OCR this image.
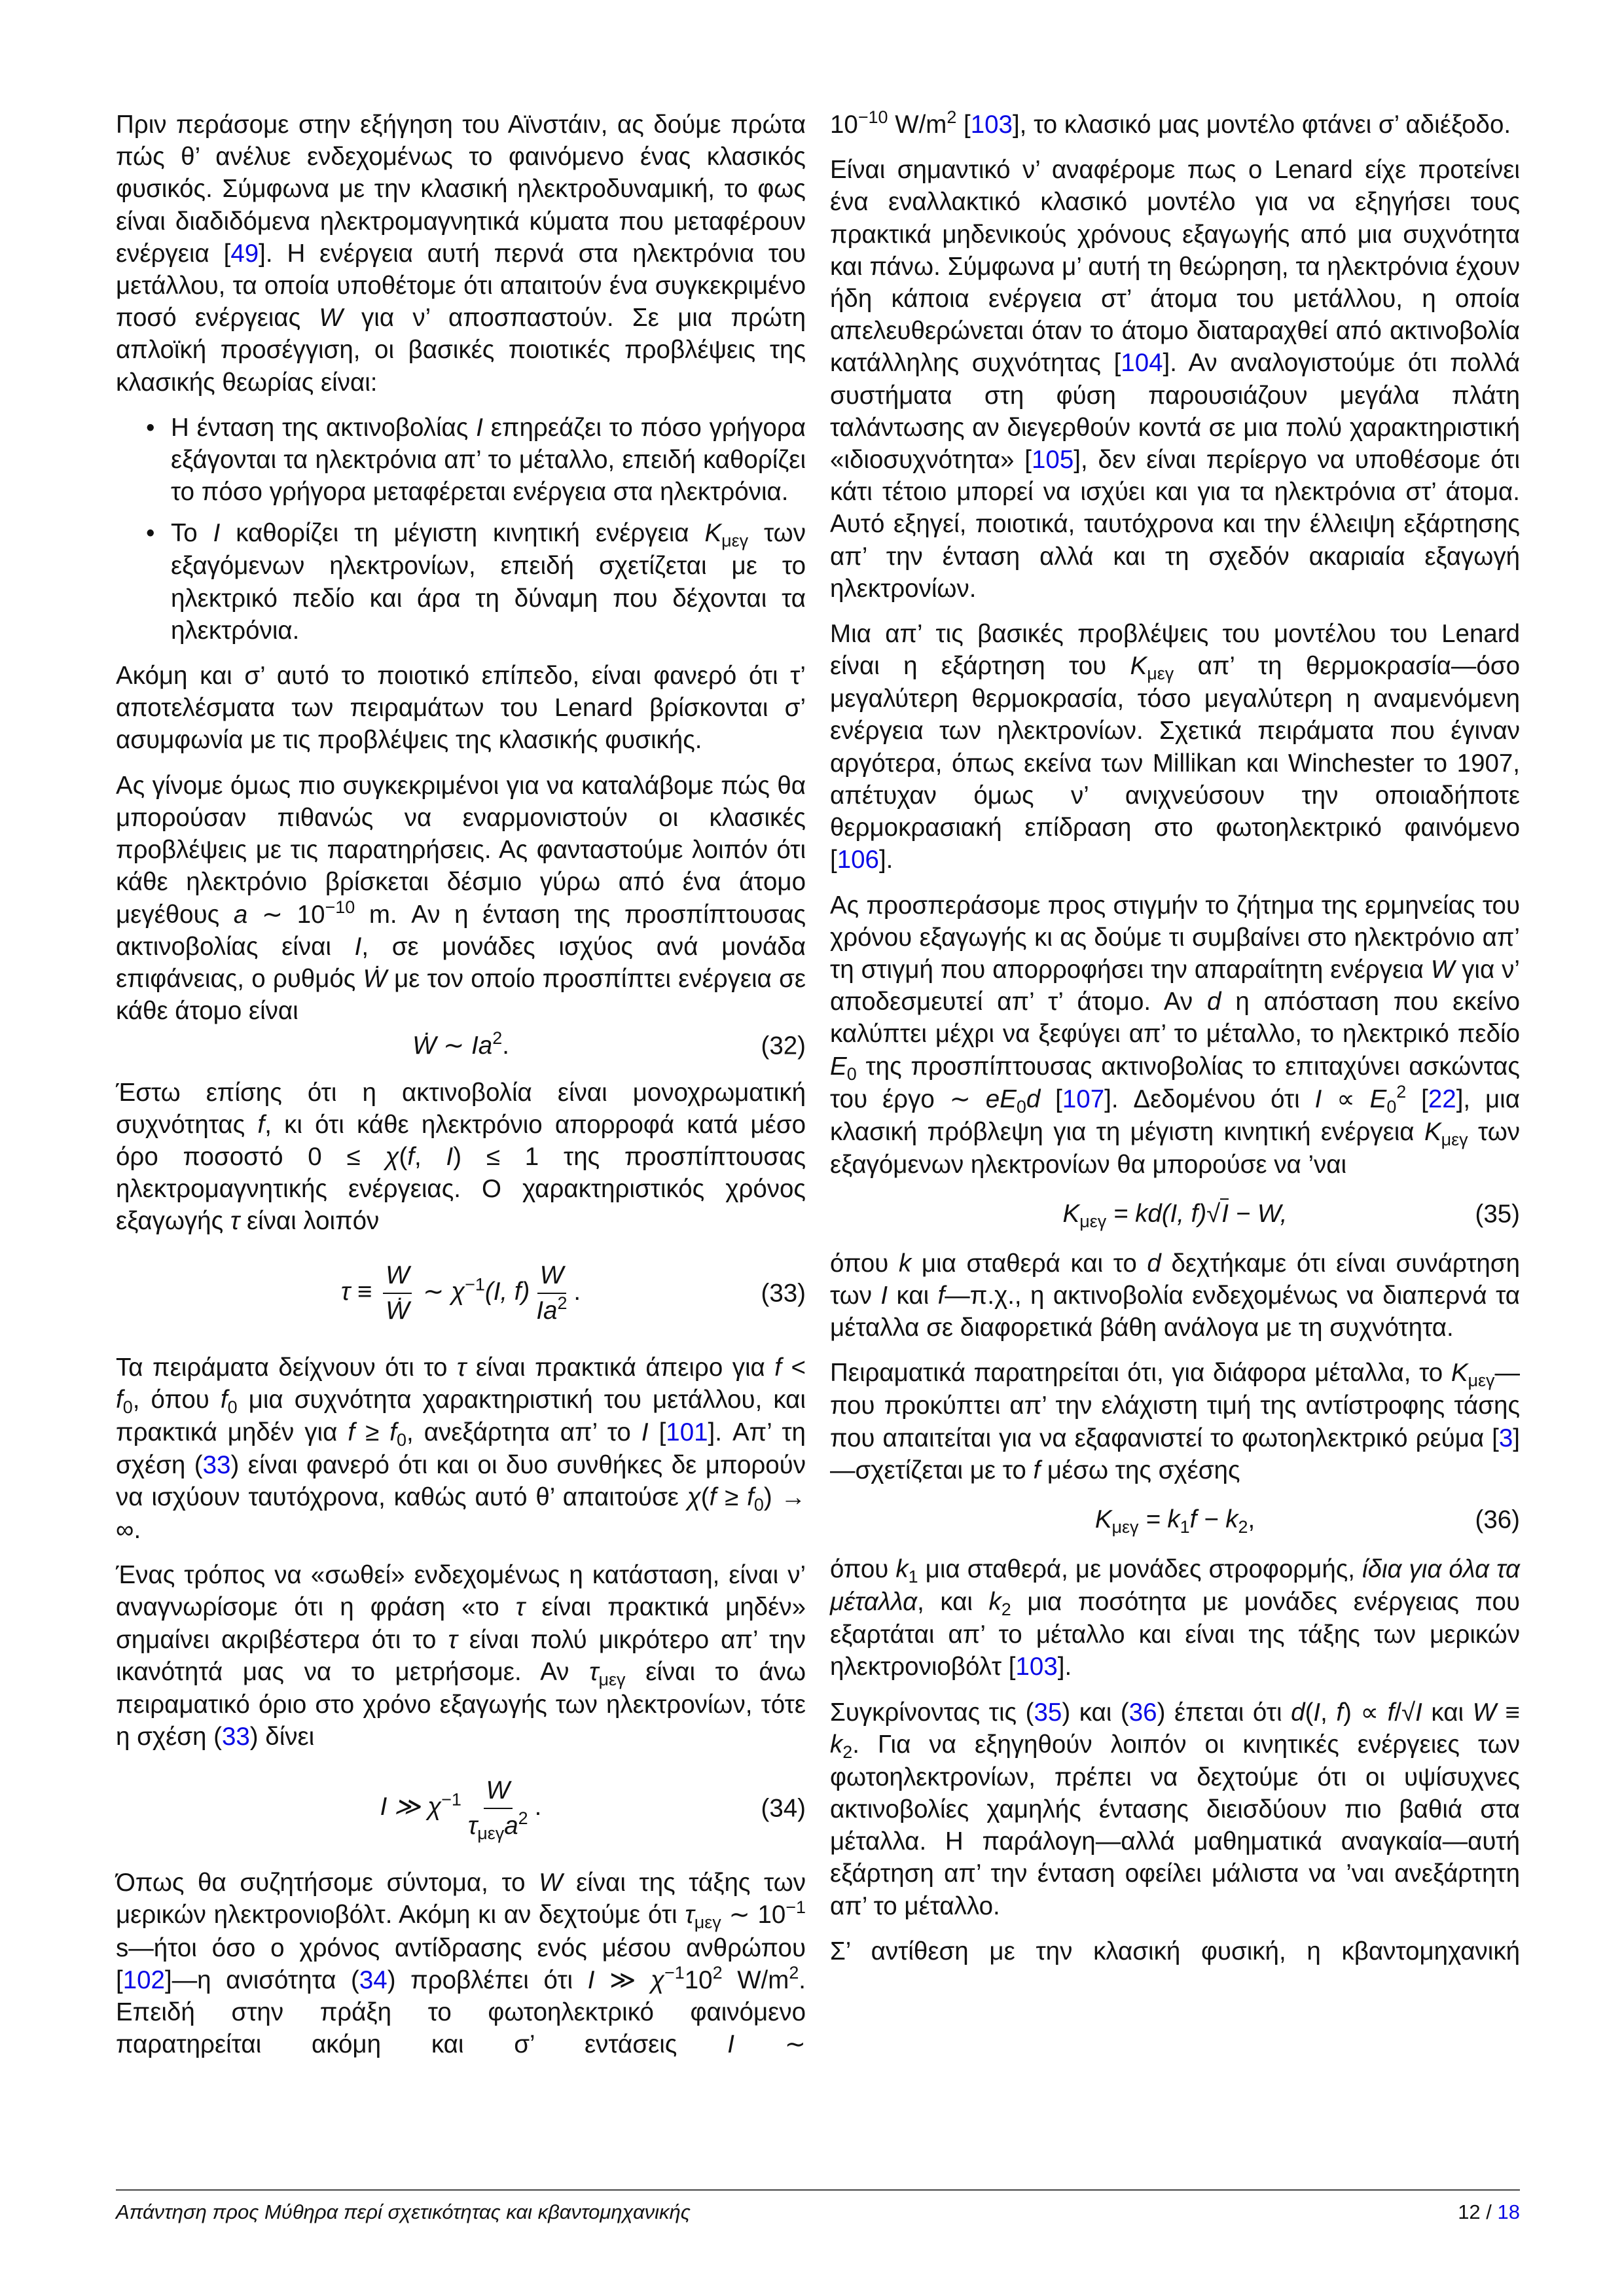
Πριν περάσομε στην εξήγηση του Αϊνστάιν, ας δούμε πρώτα πώς θ’ ανέλυε ενδεχομένως το φαινόμενο ένας κλασικός φυσικός. Σύμφωνα με την κλασική ηλεκτροδυναμική, το φως είναι διαδιδόμενα ηλεκτρομαγνητικά κύματα που μεταφέρουν ενέργεια [49]. Η ενέργεια αυτή περνά στα ηλεκτρόνια του μετάλλου, τα οποία υποθέτομε ότι απαιτούν ένα συγκεκριμένο ποσό ενέργειας W για ν’ αποσπαστούν. Σε μια πρώτη απλοϊκή προσέγγιση, οι βασικές ποιοτικές προβλέψεις της κλασικής θεωρίας είναι:

• Η ένταση της ακτινοβολίας I επηρεάζει το πόσο γρήγορα εξάγονται τα ηλεκτρόνια απ’ το μέταλλο, επειδή καθορίζει το πόσο γρήγορα μεταφέρεται ενέργεια στα ηλεκτρόνια.
• Το I καθορίζει τη μέγιστη κινητική ενέργεια $K_{\mu\varepsilon\gamma}$ των εξαγόμενων ηλεκτρονίων, επειδή σχετίζεται με το ηλεκτρικό πεδίο και άρα τη δύναμη που δέχονται τα ηλεκτρόνια.

Ακόμη και σ’ αυτό το ποιοτικό επίπεδο, είναι φανερό ότι τ’ αποτελέσματα των πειραμάτων του Lenard βρίσκονται σ’ ασυμφωνία με τις προβλέψεις της κλασικής φυσικής.

Ας γίνομε όμως πιο συγκεκριμένοι για να καταλάβομε πώς θα μπορούσαν πιθανώς να εναρμονιστούν οι κλασικές προβλέψεις με τις παρατηρήσεις. Ας φανταστούμε λοιπόν ότι κάθε ηλεκτρόνιο βρίσκεται δέσμιο γύρω από ένα άτομο μεγέθους a ∼ $10^{-10}$ m. Αν η ένταση της προσπίπτουσας ακτινοβολίας είναι I, σε μονάδες ισχύος ανά μονάδα επιφάνειας, ο ρυθμός Ẇ με τον οποίο προσπίπτει ενέργεια σε κάθε άτομο είναι

Ẇ ∼ Ia$^2$.	(32)

Έστω επίσης ότι η ακτινοβολία είναι μονοχρωματική συχνότητας f, κι ότι κάθε ηλεκτρόνιο απορροφά κατά μέσο όρο ποσοστό 0 ≤ χ(f, I) ≤ 1 της προσπίπτουσας ηλεκτρομαγνητικής ενέργειας. Ο χαρακτηριστικός χρόνος εξαγωγής τ είναι λοιπόν

$\tau \equiv \frac{W}{\text{Ẇ}}$ ∼ $\chi^{-1}(I$, $f) \frac{W}{Ia^2}$ .	(33)

Τα πειράματα δείχνουν ότι το τ είναι πρακτικά άπειρο για $f < f_0$, όπου $f_0$ μια συχνότητα χαρακτηριστική του μετάλλου, και πρακτικά μηδέν για $f \ge f_0$, ανεξάρτητα απ’ το I [101]. Απ’ τη σχέση (33) είναι φανερό ότι και οι δυο συνθήκες δε μπορούν να ισχύουν ταυτόχρονα, καθώς αυτό θ’ απαιτούσε $\chi(f \ge f_0)$ → ∞.

Ένας τρόπος να «σωθεί» ενδεχομένως η κατάσταση, είναι ν’ αναγνωρίσομε ότι η φράση «το τ είναι πρακτικά μηδέν» σημαίνει ακριβέστερα ότι το τ είναι πολύ μικρότερο απ’ την ικανότητά μας να το μετρήσομε. Αν $\tau_{\mu\varepsilon\gamma}$ είναι το άνω πειραματικό όριο στο χρόνο εξαγωγής των ηλεκτρονίων, τότε η σχέση (33) δίνει

I ≫ $\chi^{-1} \frac{W}{\tau_{\mu\varepsilon\gamma}a^2}$ .	(34)

Όπως θα συζητήσομε σύντομα, το W είναι της τάξης των μερικών ηλεκτρονιοβόλτ. Ακόμη κι αν δεχτούμε ότι $\tau_{\mu\varepsilon\gamma}$ ∼ $10^{-1}$ s—ήτοι όσο ο χρόνος αντίδρασης ενός μέσου ανθρώπου [102]—η ανισότητα (34) προβλέπει ότι I ≫ $\chi^{-1}10^2$ $W/m^2$. Επειδή στην πράξη το φωτοηλεκτρικό φαινόμενο παρατηρείται ακόμη και σ’ εντάσεις I ∼

$10^{-10}$ $W/m^2$ [103], το κλασικό μας μοντέλο φτάνει σ’ αδιέξοδο.

Είναι σημαντικό ν’ αναφέρομε πως ο Lenard είχε προτείνει ένα εναλλακτικό κλασικό μοντέλο για να εξηγήσει τους πρακτικά μηδενικούς χρόνους εξαγωγής από μια συχνότητα και πάνω. Σύμφωνα μ’ αυτή τη θεώρηση, τα ηλεκτρόνια έχουν ήδη κάποια ενέργεια στ’ άτομα του μετάλλου, η οποία απελευθερώνεται όταν το άτομο διαταραχθεί από ακτινοβολία κατάλληλης συχνότητας [104]. Αν αναλογιστούμε ότι πολλά συστήματα στη φύση παρουσιάζουν μεγάλα πλάτη ταλάντωσης αν διεγερθούν κοντά σε μια πολύ χαρακτηριστική «ιδιοσυχνότητα» [105], δεν είναι περίεργο να υποθέσομε ότι κάτι τέτοιο μπορεί να ισχύει και για τα ηλεκτρόνια στ’ άτομα. Αυτό εξηγεί, ποιοτικά, ταυτόχρονα και την έλλειψη εξάρτησης απ’ την ένταση αλλά και τη σχεδόν ακαριαία εξαγωγή ηλεκτρονίων.

Μια απ’ τις βασικές προβλέψεις του μοντέλου του Lenard είναι η εξάρτηση του $K_{\mu\varepsilon\gamma}$ απ’ τη θερμοκρασία—όσο μεγαλύτερη θερμοκρασία, τόσο μεγαλύτερη η αναμενόμενη ενέργεια των ηλεκτρονίων. Σχετικά πειράματα που έγιναν αργότερα, όπως εκείνα των Millikan και Winchester το 1907, απέτυχαν όμως ν’ ανιχνεύσουν την οποιαδήποτε θερμοκρασιακή επίδραση στο φωτοηλεκτρικό φαινόμενο [106].

Ας προσπεράσομε προς στιγμήν το ζήτημα της ερμηνείας του χρόνου εξαγωγής κι ας δούμε τι συμβαίνει στο ηλεκτρόνιο απ’ τη στιγμή που απορροφήσει την απαραίτητη ενέργεια W για ν’ αποδεσμευτεί απ’ τ’ άτομο. Αν d η απόσταση που εκείνο καλύπτει μέχρι να ξεφύγει απ’ το μέταλλο, το ηλεκτρικό πεδίο $E_0$ της προσπίπτουσας ακτινοβολίας το επιταχύνει ασκώντας του έργο ∼ $eE_0d$ [107]. Δεδομένου ότι $I \propto E_0^2$ [22], μια κλασική πρόβλεψη για τη μέγιστη κινητική ενέργεια $K_{\mu\varepsilon\gamma}$ των εξαγόμενων ηλεκτρονίων θα μπορούσε να ’ναι

$K_{\mu\varepsilon\gamma} = kd(I$, f)√I − W,	(35)

όπου k μια σταθερά και το d δεχτήκαμε ότι είναι συνάρτηση των I και f—π.χ., η ακτινοβολία ενδεχομένως να διαπερνά τα μέταλλα σε διαφορετικά βάθη ανάλογα με τη συχνότητα.

Πειραματικά παρατηρείται ότι, για διάφορα μέταλλα, το $K_{\mu\varepsilon\gamma}—\pi o\upsilon$ προκύπτει απ’ την ελάχιστη τιμή της αντίστροφης τάσης που απαιτείται για να εξαφανιστεί το φωτοηλεκτρικό ρεύμα [3]—σχετίζεται με το f μέσω της σχέσης

$K_{\mu\varepsilon\gamma} = k_1f - k_2$,	(36)

όπου $k_1$ μια σταθερά, με μονάδες στροφορμής, ίδια για όλα τα μέταλλα, και $k_2$ μια ποσότητα με μονάδες ενέργειας που εξαρτάται απ’ το μέταλλο και είναι της τάξης των μερικών ηλεκτρονιοβόλτ [103].

Συγκρίνοντας τις (35) και (36) έπεται ότι d(I, f) ∝ f/√I και $W \equiv k_2$. Για να εξηγηθούν λοιπόν οι κινητικές ενέργειες των φωτοηλεκτρονίων, πρέπει να δεχτούμε ότι οι υψίσυχνες ακτινοβολίες χαμηλής έντασης διεισδύουν πιο βαθιά στα μέταλλα. Η παράλογη—αλλά μαθηματικά αναγκαία—αυτή εξάρτηση απ’ την ένταση οφείλει μάλιστα να ’ναι ανεξάρτητη απ’ το μέταλλο.

Σ’ αντίθεση με την κλασική φυσική, η κβαντομηχανική

Απάντηση προς Μύθηρα περί σχετικότητας και κβαντομηχανικής	12 / 18
